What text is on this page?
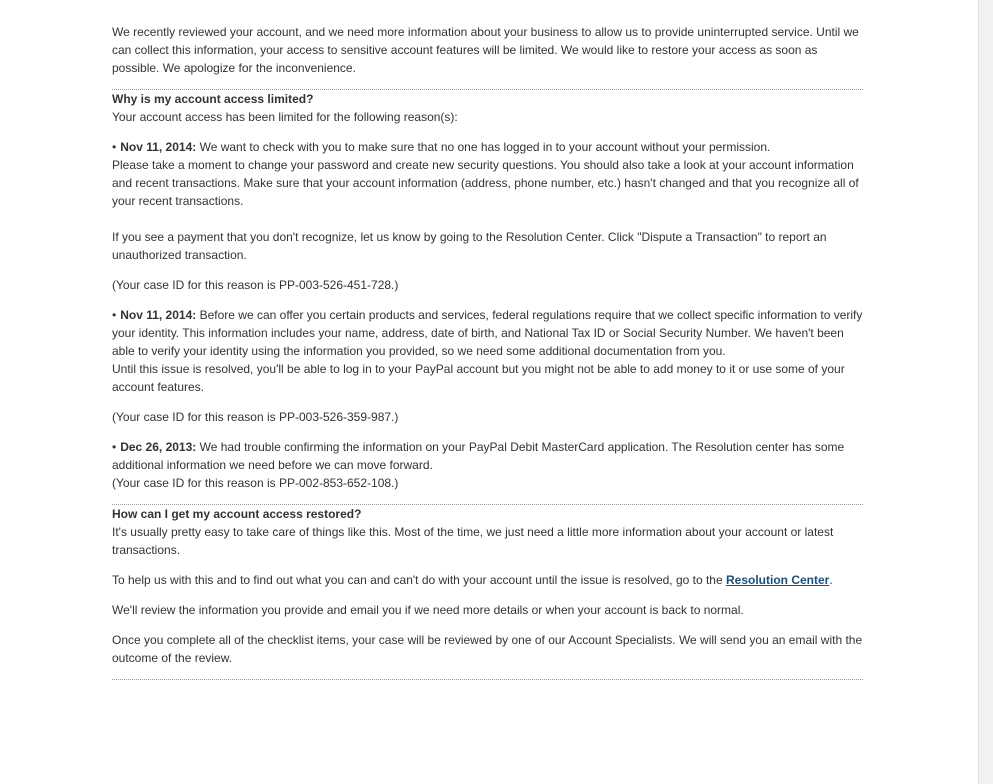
We recently reviewed your account, and we need more information about your business to allow us to provide uninterrupted service. Until we can collect this information, your access to sensitive account features will be limited. We would like to restore your access as soon as possible. We apologize for the inconvenience.

Why is my account access limited?

Your account access has been limited for the following reason(s):

• Nov 11, 2014: We want to check with you to make sure that no one has logged in to your account without your permission.

Please take a moment to change your password and create new security questions. You should also take a look at your account information and recent transactions. Make sure that your account information (address, phone number, etc.) hasn't changed and that you recognize all of your recent transactions.

If you see a payment that you don't recognize, let us know by going to the Resolution Center. Click "Dispute a Transaction" to report an unauthorized transaction.

(Your case ID for this reason is PP-003-526-451-728.)

• Nov 11, 2014: Before we can offer you certain products and services, federal regulations require that we collect specific information to verify your identity. This information includes your name, address, date of birth, and National Tax ID or Social Security Number. We haven't been able to verify your identity using the information you provided, so we need some additional documentation from you.

Until this issue is resolved, you'll be able to log in to your PayPal account but you might not be able to add money to it or use some of your account features.

(Your case ID for this reason is PP-003-526-359-987.)

• Dec 26, 2013: We had trouble confirming the information on your PayPal Debit MasterCard application. The Resolution center has some additional information we need before we can move forward.

(Your case ID for this reason is PP-002-853-652-108.)

How can I get my account access restored?

It's usually pretty easy to take care of things like this. Most of the time, we just need a little more information about your account or latest transactions.

To help us with this and to find out what you can and can't do with your account until the issue is resolved, go to the Resolution Center.

We'll review the information you provide and email you if we need more details or when your account is back to normal.

Once you complete all of the checklist items, your case will be reviewed by one of our Account Specialists. We will send you an email with the outcome of the review.
